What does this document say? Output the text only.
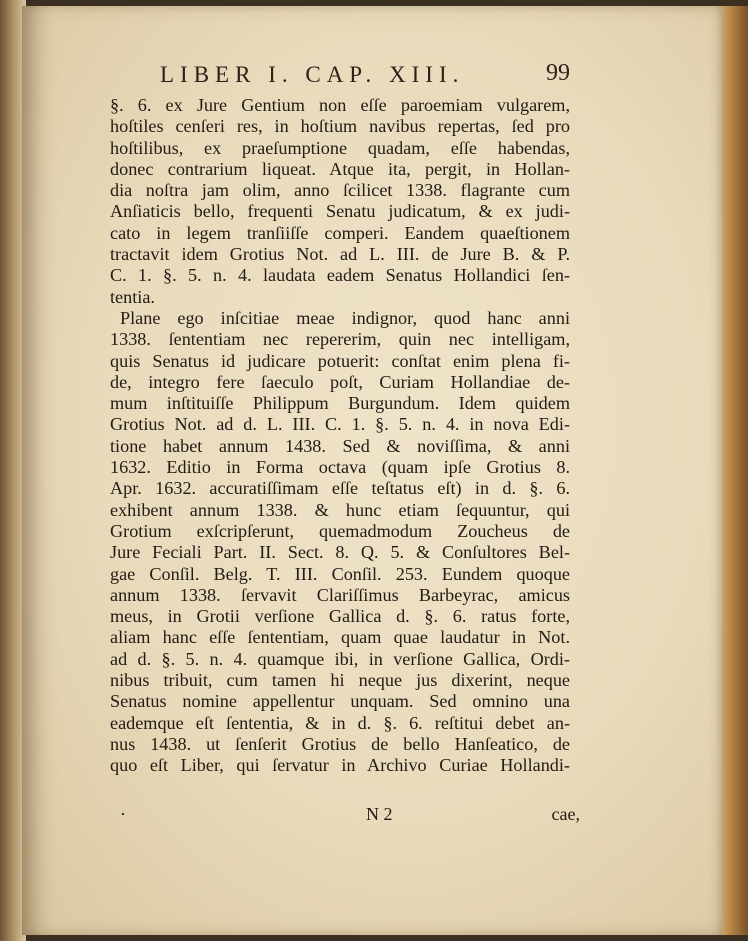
LIBER I. CAP. XIII.	99
§. 6. ex Jure Gentium non eſſe paroemiam vulgarem,
hoſtiles cenſeri res, in hoſtium navibus repertas, ſed pro
hoſtilibus, ex praeſumptione quadam, eſſe habendas,
donec contrarium liqueat. Atque ita, pergit, in Hollan-
dia noſtra jam olim, anno ſcilicet 1338. flagrante cum
Anſiaticis bello, frequenti Senatu judicatum, & ex judi-
cato in legem tranſiiſſe comperi. Eandem quaeſtionem
tractavit idem Grotius Not. ad L. III. de Jure B. & P.
C. 1. §. 5. n. 4. laudata eadem Senatus Hollandici ſen-
tentia.
Plane ego inſcitiae meae indignor, quod hanc anni
1338. ſententiam nec repererim, quin nec intelligam,
quis Senatus id judicare potuerit: conſtat enim plena fi-
de, integro fere ſaeculo poſt, Curiam Hollandiae de-
mum inſtituiſſe Philippum Burgundum. Idem quidem
Grotius Not. ad d. L. III. C. 1. §. 5. n. 4. in nova Edi-
tione habet annum 1438. Sed & noviſſima, & anni
1632. Editio in Forma octava (quam ipſe Grotius 8.
Apr. 1632. accuratiſſimam eſſe teſtatus eſt) in d. §. 6.
exhibent annum 1338. & hunc etiam ſequuntur, qui
Grotium exſcripſerunt, quemadmodum Zoucheus de
Jure Feciali Part. II. Sect. 8. Q. 5. & Conſultores Bel-
gae Conſil. Belg. T. III. Conſil. 253. Eundem quoque
annum 1338. ſervavit Clariſſimus Barbeyrac, amicus
meus, in Grotii verſione Gallica d. §. 6. ratus forte,
aliam hanc eſſe ſententiam, quam quae laudatur in Not.
ad d. §. 5. n. 4. quamque ibi, in verſione Gallica, Ordi-
nibus tribuit, cum tamen hi neque jus dixerint, neque
Senatus nomine appellentur unquam. Sed omnino una
eademque eſt ſententia, & in d. §. 6. reſtitui debet an-
nus 1438. ut ſenſerit Grotius de bello Hanſeatico, de
quo eſt Liber, qui ſervatur in Archivo Curiae Hollandi-
·	N 2	cae,
